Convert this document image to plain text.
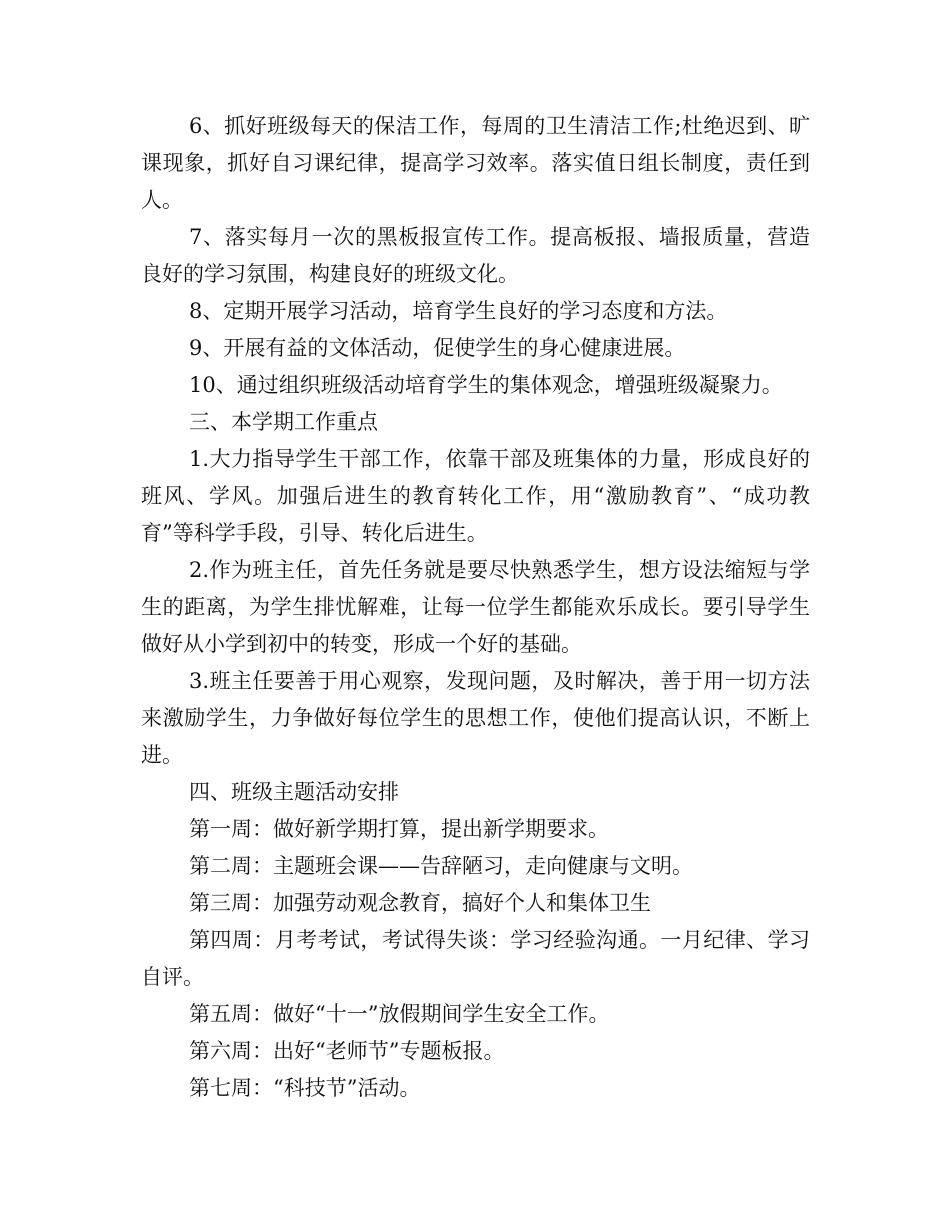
6、抓好班级每天的保洁工作，每周的卫生清洁工作;杜绝迟到、旷课现象，抓好自习课纪律，提高学习效率。落实值日组长制度，责任到人。

7、落实每月一次的黑板报宣传工作。提高板报、墙报质量，营造良好的学习氛围，构建良好的班级文化。

8、定期开展学习活动，培育学生良好的学习态度和方法。

9、开展有益的文体活动，促使学生的身心健康进展。

10、通过组织班级活动培育学生的集体观念，增强班级凝聚力。

三、本学期工作重点

1.大力指导学生干部工作，依靠干部及班集体的力量，形成良好的班风、学风。加强后进生的教育转化工作，用“激励教育”、“成功教育”等科学手段，引导、转化后进生。

2.作为班主任，首先任务就是要尽快熟悉学生，想方设法缩短与学生的距离，为学生排忧解难，让每一位学生都能欢乐成长。要引导学生做好从小学到初中的转变，形成一个好的基础。

3.班主任要善于用心观察，发现问题，及时解决，善于用一切方法来激励学生，力争做好每位学生的思想工作，使他们提高认识，不断上进。

四、班级主题活动安排

第一周：做好新学期打算，提出新学期要求。

第二周：主题班会课——告辞陋习，走向健康与文明。

第三周：加强劳动观念教育，搞好个人和集体卫生

第四周：月考考试，考试得失谈：学习经验沟通。一月纪律、学习自评。

第五周：做好“十一”放假期间学生安全工作。

第六周：出好“老师节”专题板报。

第七周：“科技节”活动。
